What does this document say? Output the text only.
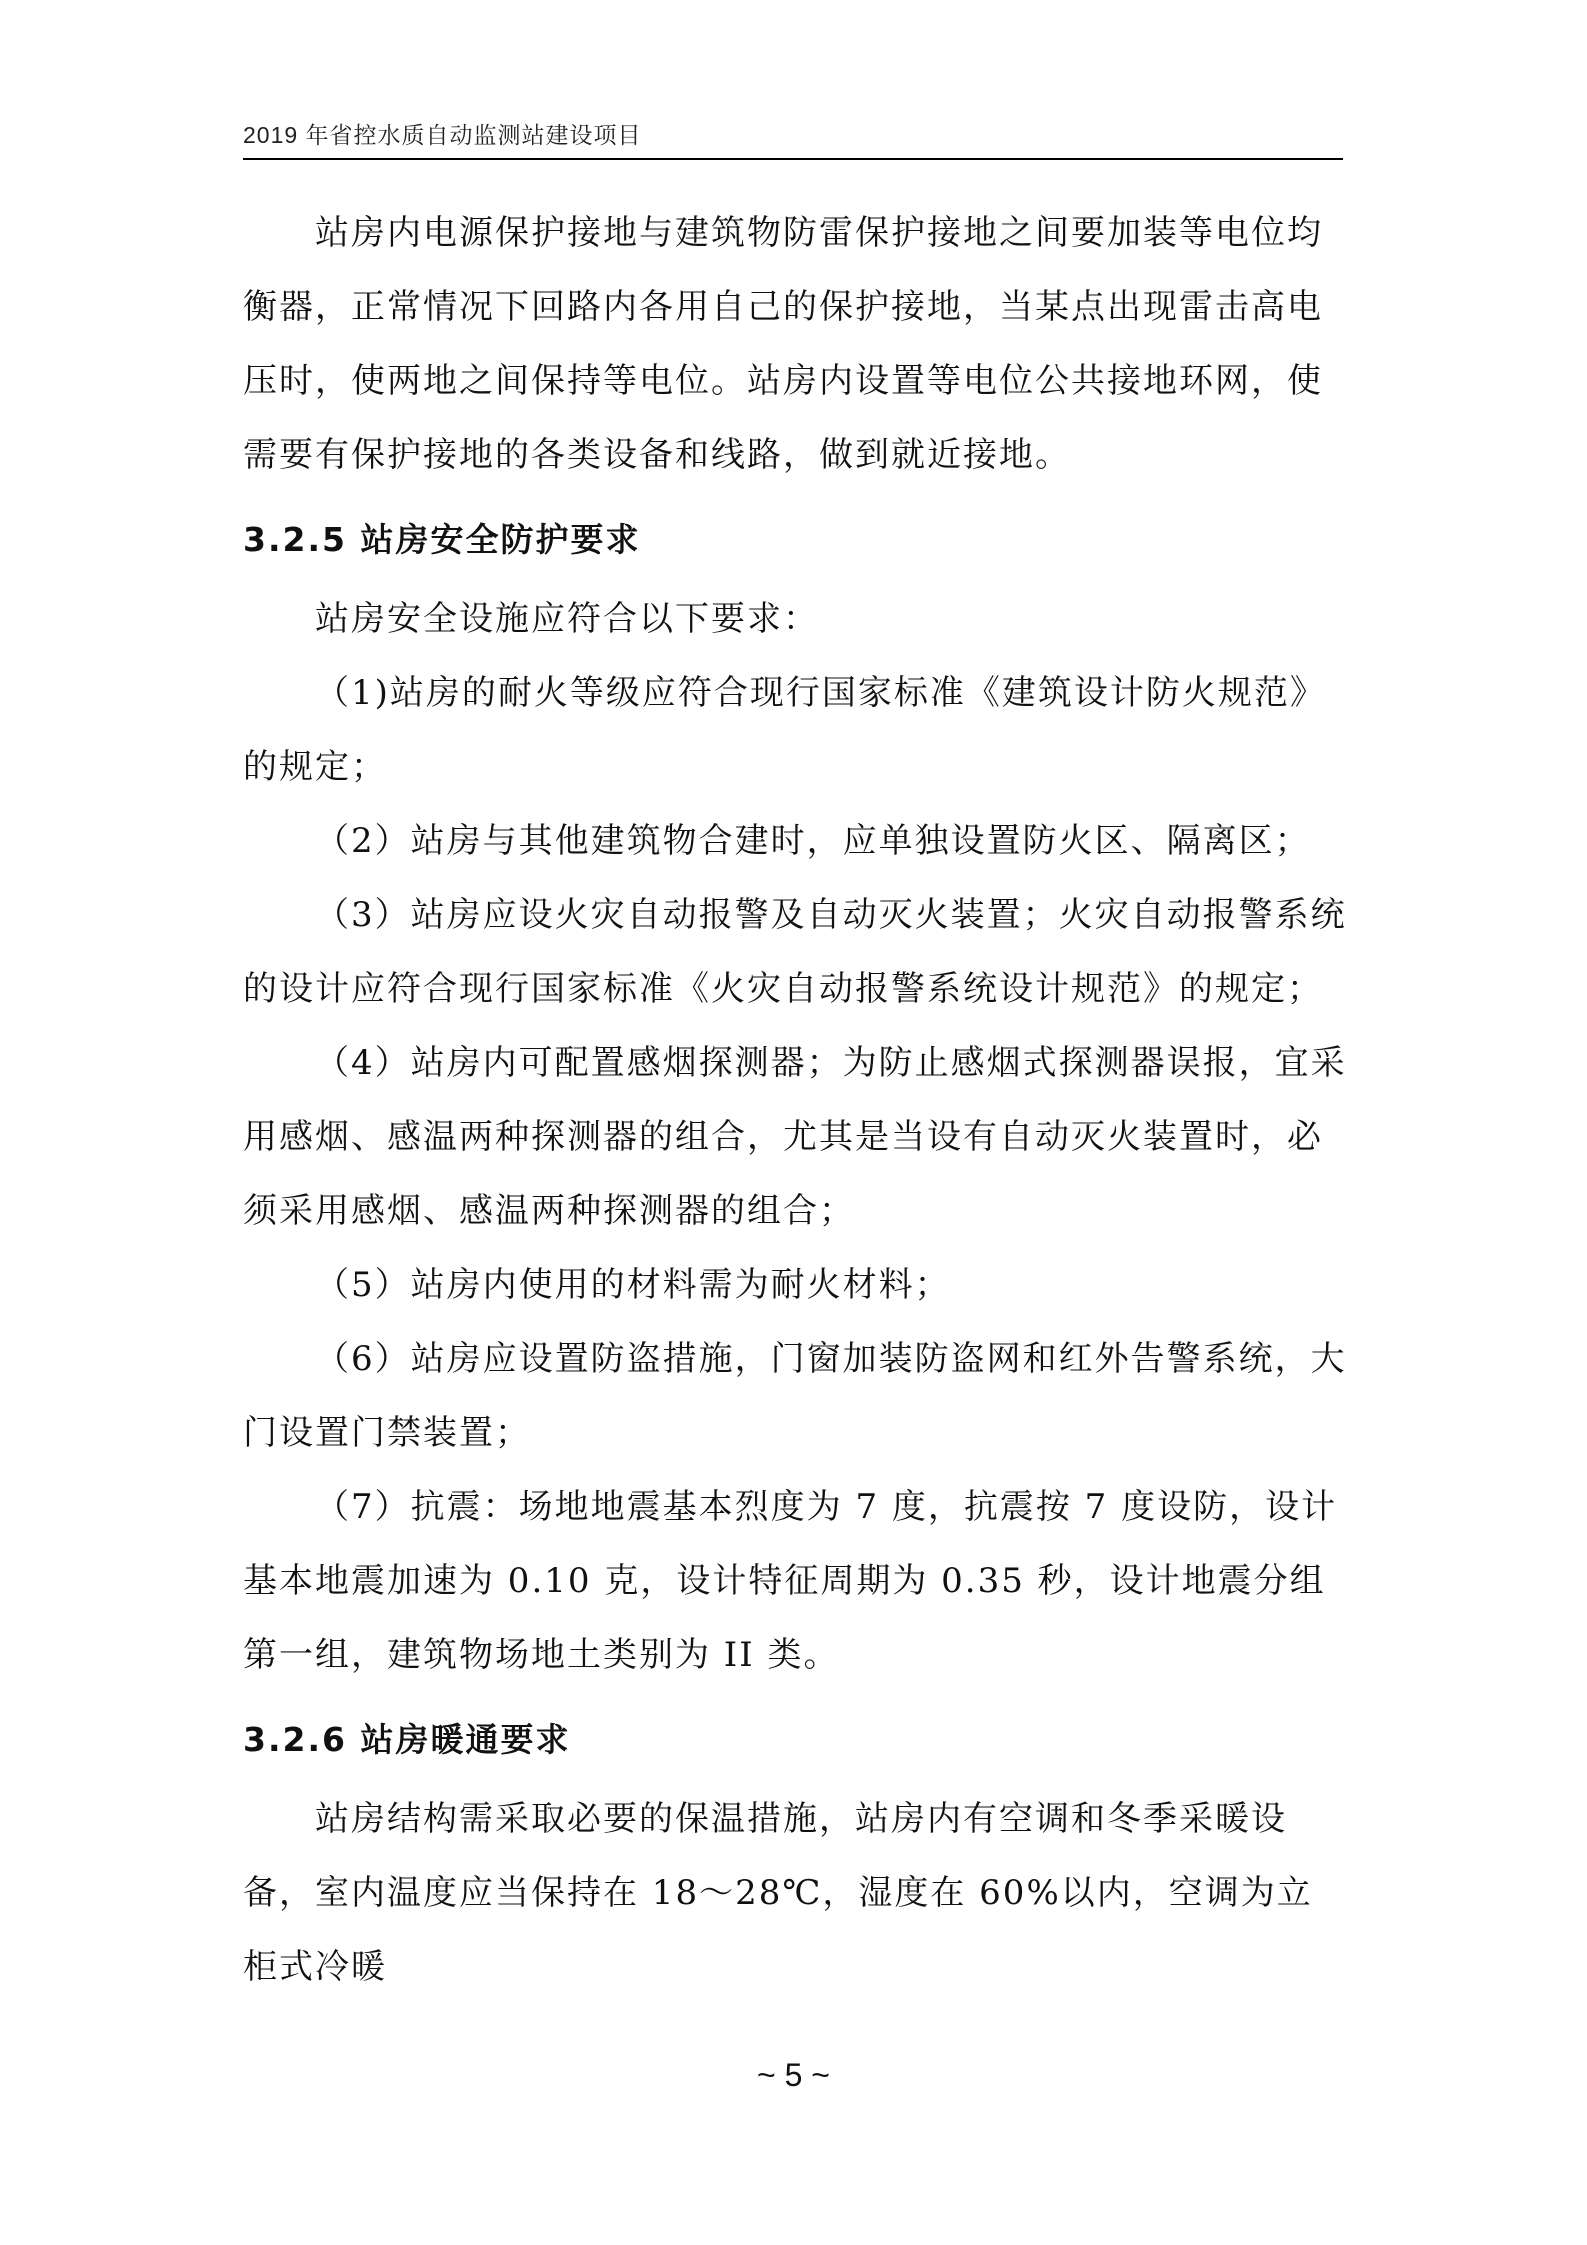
2019 年省控水质自动监测站建设项目

站房内电源保护接地与建筑物防雷保护接地之间要加装等电位均衡器，正常情况下回路内各用自己的保护接地，当某点出现雷击高电压时，使两地之间保持等电位。站房内设置等电位公共接地环网，使需要有保护接地的各类设备和线路，做到就近接地。

3.2.5 站房安全防护要求

站房安全设施应符合以下要求：

（1)站房的耐火等级应符合现行国家标准《建筑设计防火规范》的规定；

（2）站房与其他建筑物合建时，应单独设置防火区、隔离区；

（3）站房应设火灾自动报警及自动灭火装置；火灾自动报警系统的设计应符合现行国家标准《火灾自动报警系统设计规范》的规定；

（4）站房内可配置感烟探测器；为防止感烟式探测器误报，宜采用感烟、感温两种探测器的组合，尤其是当设有自动灭火装置时，必须采用感烟、感温两种探测器的组合；

（5）站房内使用的材料需为耐火材料；

（6）站房应设置防盗措施，门窗加装防盗网和红外告警系统，大门设置门禁装置；

（7）抗震：场地地震基本烈度为 7 度，抗震按 7 度设防，设计基本地震加速为 0.10 克，设计特征周期为 0.35 秒，设计地震分组第一组，建筑物场地土类别为 II 类。

3.2.6 站房暖通要求

站房结构需采取必要的保温措施，站房内有空调和冬季采暖设备，室内温度应当保持在 18～28℃，湿度在 60%以内，空调为立柜式冷暖

~ 5 ~
